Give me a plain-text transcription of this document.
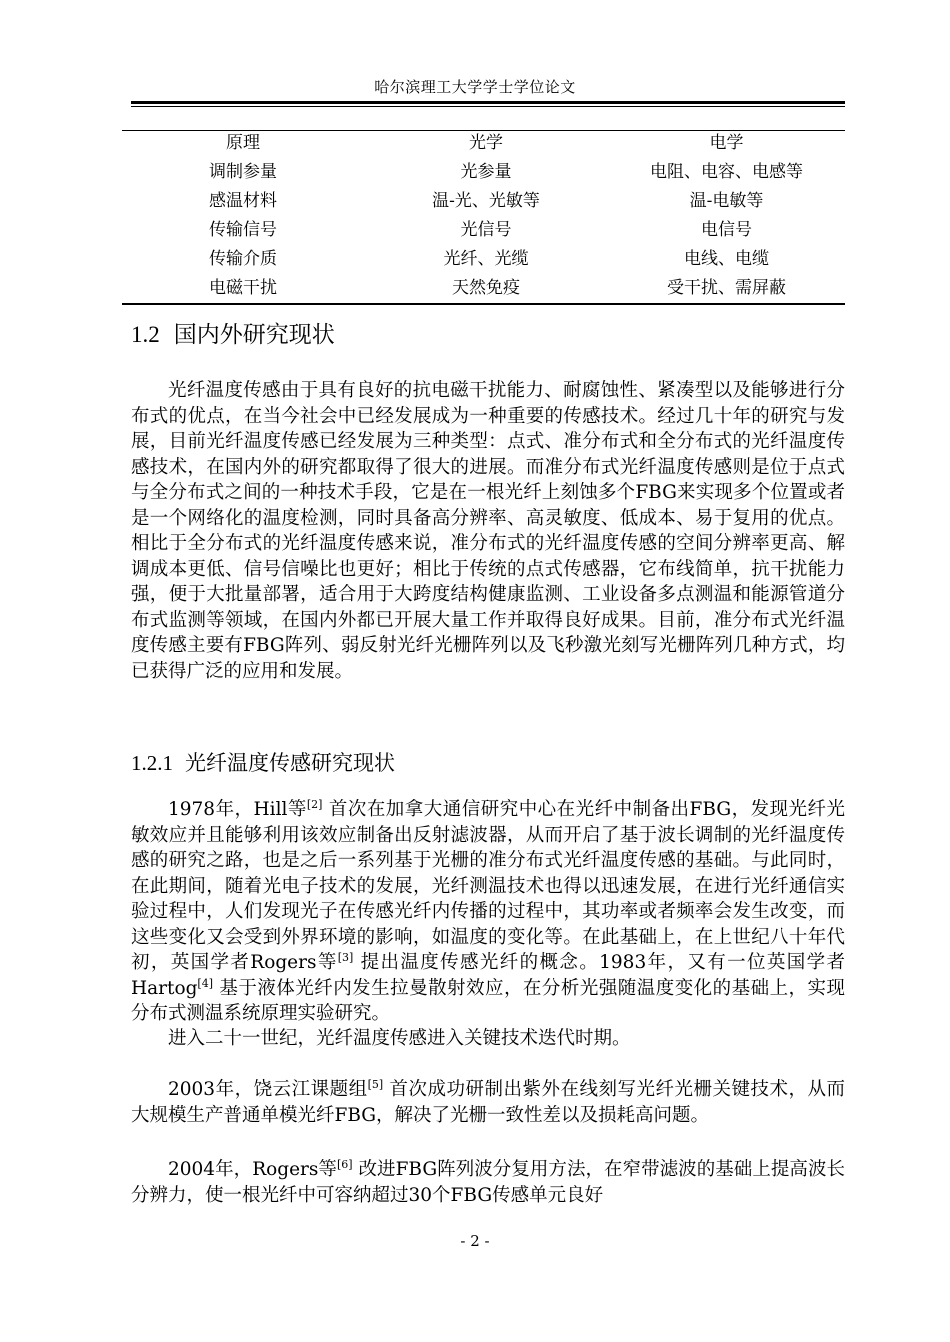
哈尔滨理工大学学士学位论文
原理	光学	电学
调制参量	光参量	电阻、电容、电感等
感温材料	温-光、光敏等	温-电敏等
传输信号	光信号	电信号
传输介质	光纤、光缆	电线、电缆
电磁干扰	天然免疫	受干扰、需屏蔽
1.2 国内外研究现状

光纤温度传感由于具有良好的抗电磁干扰能力、耐腐蚀性、紧凑型以及能够进行分布式的优点，在当今社会中已经发展成为一种重要的传感技术。经过几十年的研究与发展，目前光纤温度传感已经发展为三种类型：点式、准分布式和全分布式的光纤温度传感技术，在国内外的研究都取得了很大的进展。而准分布式光纤温度传感则是位于点式与全分布式之间的一种技术手段，它是在一根光纤上刻蚀多个FBG来实现多个位置或者是一个网络化的温度检测，同时具备高分辨率、高灵敏度、低成本、易于复用的优点。相比于全分布式的光纤温度传感来说，准分布式的光纤温度传感的空间分辨率更高、解调成本更低、信号信噪比也更好；相比于传统的点式传感器，它布线简单，抗干扰能力强，便于大批量部署，适合用于大跨度结构健康监测、工业设备多点测温和能源管道分布式监测等领域，在国内外都已开展大量工作并取得良好成果。目前，准分布式光纤温度传感主要有FBG阵列、弱反射光纤光栅阵列以及飞秒激光刻写光栅阵列几种方式，均已获得广泛的应用和发展。

1.2.1 光纤温度传感研究现状

1978年，Hill等[2] 首次在加拿大通信研究中心在光纤中制备出FBG，发现光纤光敏效应并且能够利用该效应制备出反射滤波器，从而开启了基于波长调制的光纤温度传感的研究之路，也是之后一系列基于光栅的准分布式光纤温度传感的基础。与此同时，在此期间，随着光电子技术的发展，光纤测温技术也得以迅速发展，在进行光纤通信实验过程中，人们发现光子在传感光纤内传播的过程中，其功率或者频率会发生改变，而这些变化又会受到外界环境的影响，如温度的变化等。在此基础上，在上世纪八十年代初，英国学者Rogers等[3] 提出温度传感光纤的概念。1983年，又有一位英国学者Hartog[4] 基于液体光纤内发生拉曼散射效应，在分析光强随温度变化的基础上，实现分布式测温系统原理实验研究。

进入二十一世纪，光纤温度传感进入关键技术迭代时期。

2003年，饶云江课题组[5] 首次成功研制出紫外在线刻写光纤光栅关键技术，从而大规模生产普通单模光纤FBG，解决了光栅一致性差以及损耗高问题。

2004年，Rogers等[6] 改进FBG阵列波分复用方法，在窄带滤波的基础上提高波长分辨力，使一根光纤中可容纳超过30个FBG传感单元良好

- 2 -
